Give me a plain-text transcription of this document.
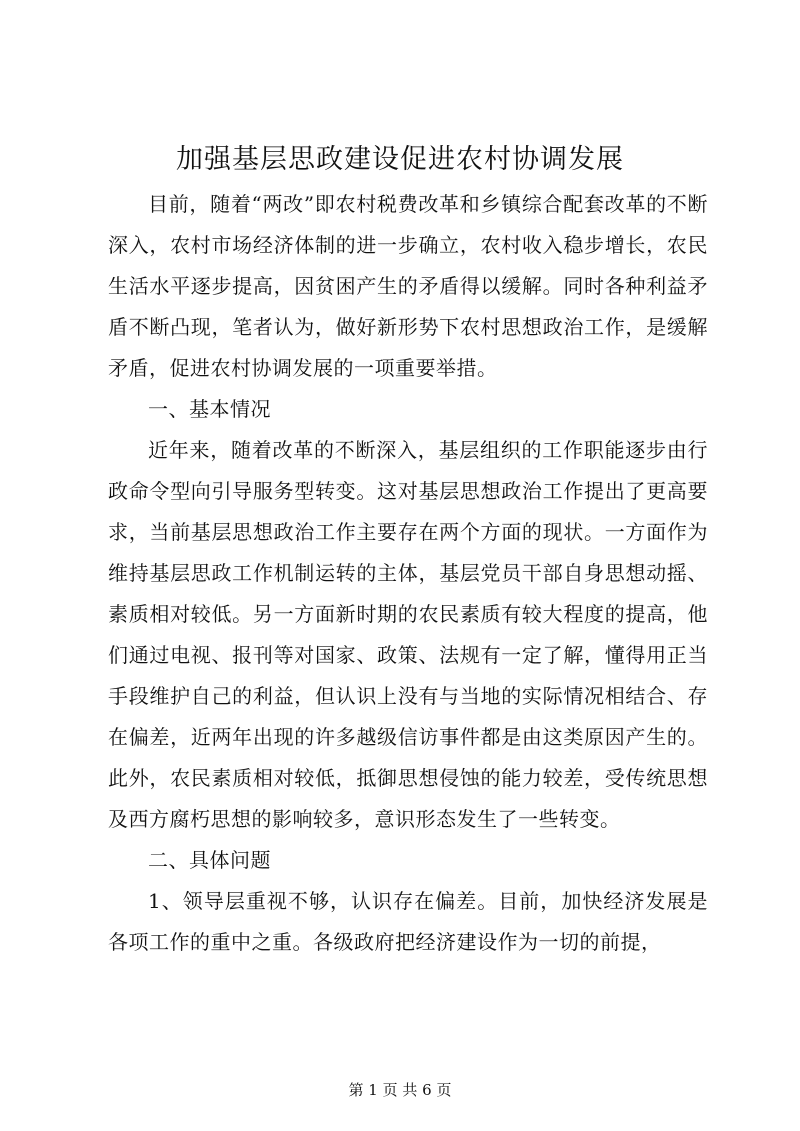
加强基层思政建设促进农村协调发展

目前，随着“两改”即农村税费改革和乡镇综合配套改革的不断深入，农村市场经济体制的进一步确立，农村收入稳步增长，农民生活水平逐步提高，因贫困产生的矛盾得以缓解。同时各种利益矛盾不断凸现，笔者认为，做好新形势下农村思想政治工作，是缓解矛盾，促进农村协调发展的一项重要举措。

一、基本情况

近年来，随着改革的不断深入，基层组织的工作职能逐步由行政命令型向引导服务型转变。这对基层思想政治工作提出了更高要求，当前基层思想政治工作主要存在两个方面的现状。一方面作为维持基层思政工作机制运转的主体，基层党员干部自身思想动摇、素质相对较低。另一方面新时期的农民素质有较大程度的提高，他们通过电视、报刊等对国家、政策、法规有一定了解，懂得用正当手段维护自己的利益，但认识上没有与当地的实际情况相结合、存在偏差，近两年出现的许多越级信访事件都是由这类原因产生的。此外，农民素质相对较低，抵御思想侵蚀的能力较差，受传统思想及西方腐朽思想的影响较多，意识形态发生了一些转变。

二、具体问题

1、领导层重视不够，认识存在偏差。目前，加快经济发展是各项工作的重中之重。各级政府把经济建设作为一切的前提，

第 1 页 共 6 页
